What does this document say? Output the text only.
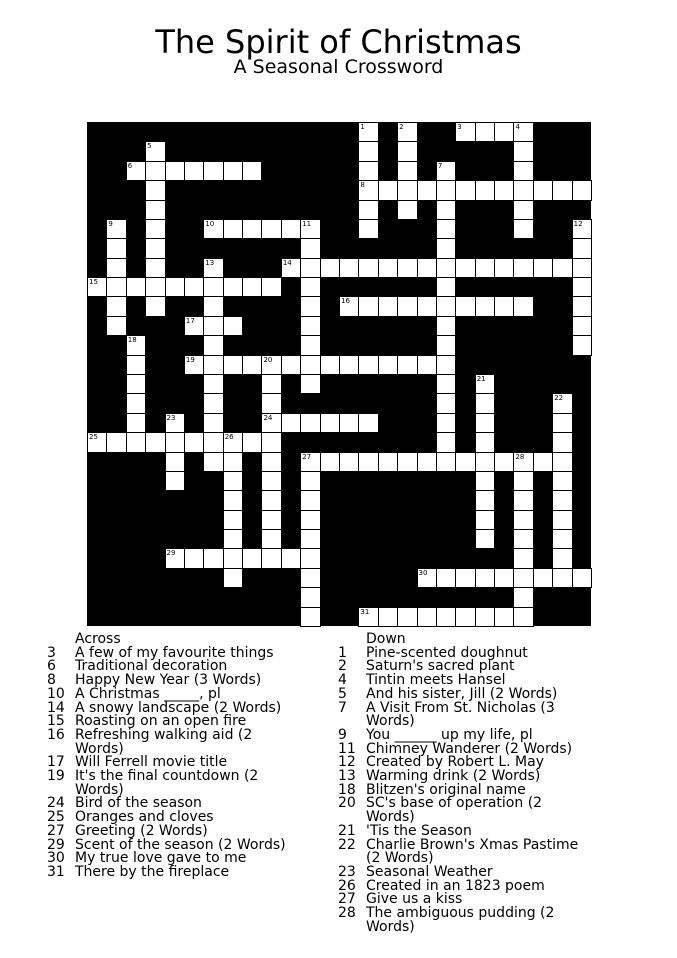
The Spirit of Christmas
A Seasonal Crossword
1	2	3	4
5
6	7
8
9	10	11	12
13	14
15
16
17
18
19	20
21
22
23	24
25	26
27	28
29
30
31
Across
3 A few of my favourite things
6 Traditional decoration
8 Happy New Year (3 Words)
10 A Christmas _____, pl
14 A snowy landscape (2 Words)
15 Roasting on an open fire
16 Refreshing walking aid (2 Words)
17 Will Ferrell movie title
19 It's the final countdown (2 Words)
24 Bird of the season
25 Oranges and cloves
27 Greeting (2 Words)
29 Scent of the season (2 Words)
30 My true love gave to me
31 There by the fireplace
Down
1 Pine-scented doughnut
2 Saturn's sacred plant
4 Tintin meets Hansel
5 And his sister, Jill (2 Words)
7 A Visit From St. Nicholas (3 Words)
9 You ______ up my life, pl
11 Chimney Wanderer (2 Words)
12 Created by Robert L. May
13 Warming drink (2 Words)
18 Blitzen's original name
20 SC's base of operation (2 Words)
21 'Tis the Season
22 Charlie Brown's Xmas Pastime (2 Words)
23 Seasonal Weather
26 Created in an 1823 poem
27 Give us a kiss
28 The ambiguous pudding (2 Words)
